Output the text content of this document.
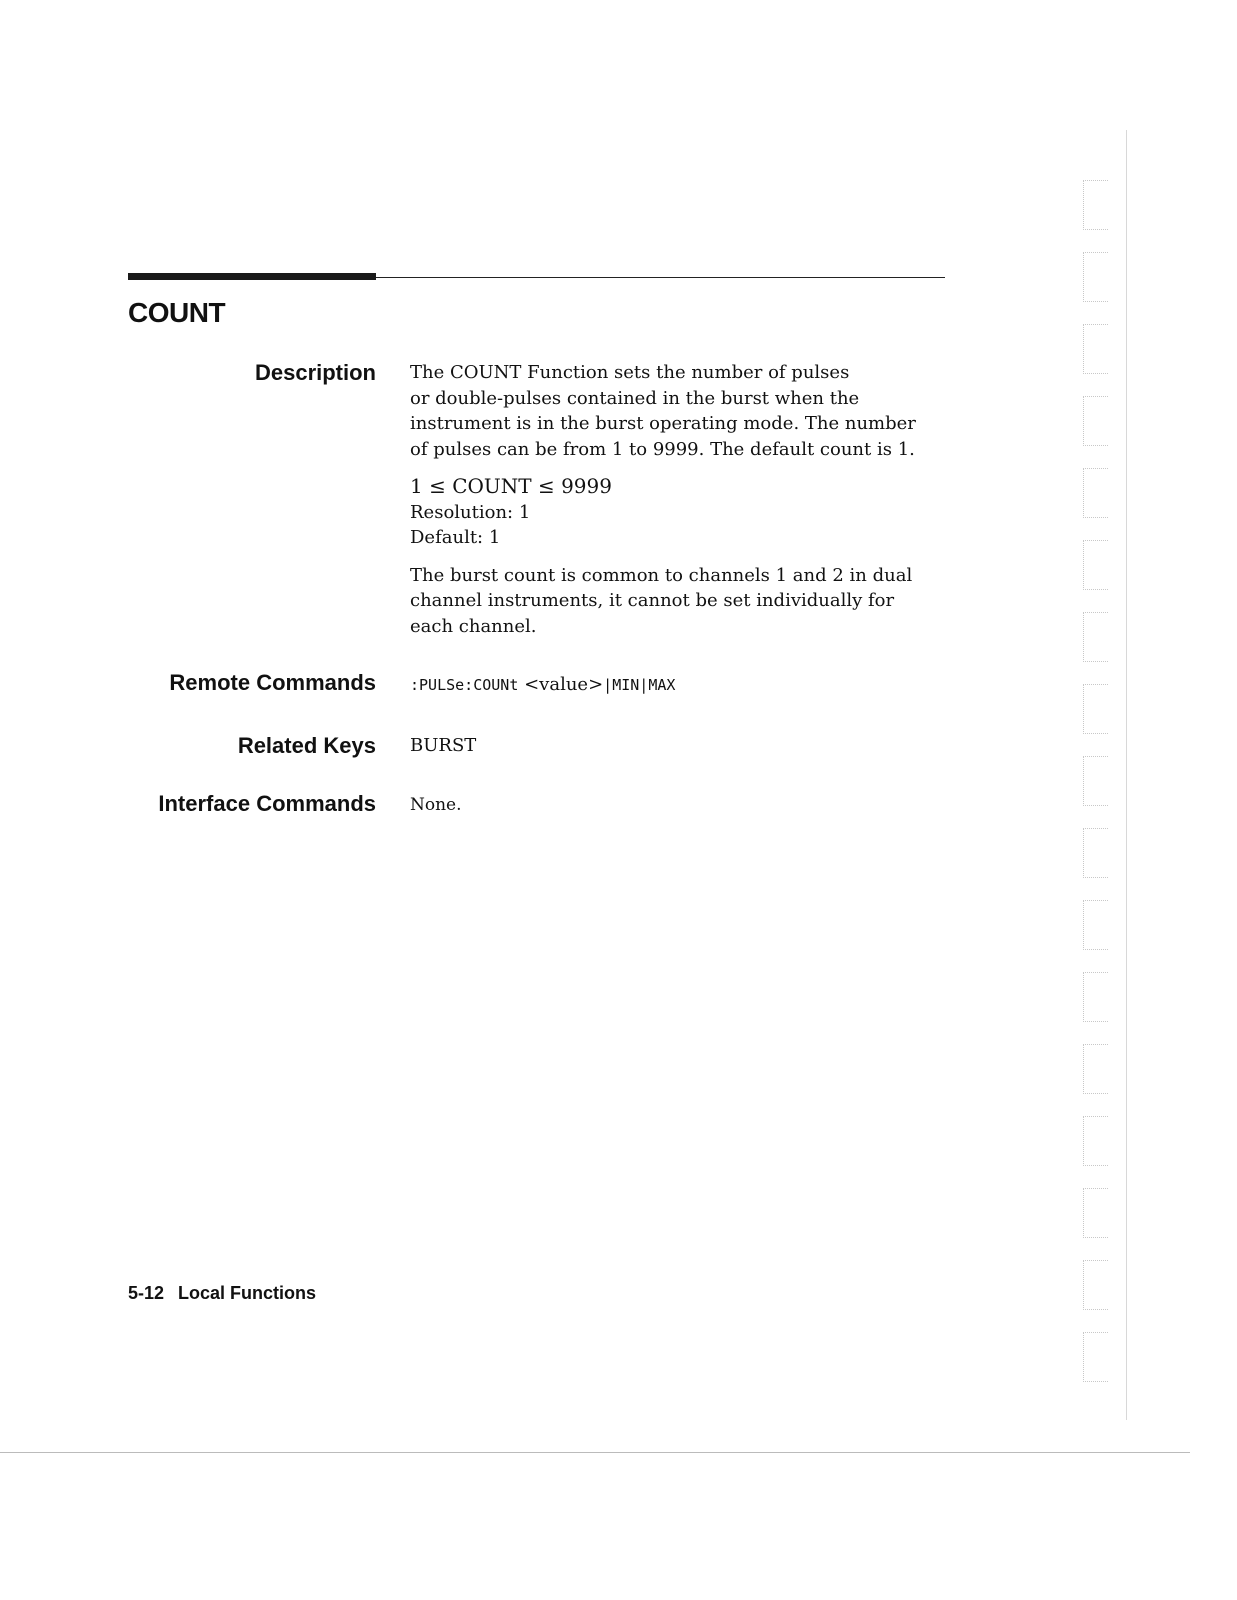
COUNT
Description The COUNT Function sets the number of pulses

or double-pulses contained in the burst when the

instrument is in the burst operating mode. The number

of pulses can be from 1 to 9999. The default count is 1.

1 ≤ COUNT ≤ 9999

Resolution: 1

Default: 1

The burst count is common to channels 1 and 2 in dual

channel instruments, it cannot be set individually for

each channel.

Remote Commands :PULSe:COUNt <value>|MIN|MAX
Related Keys BURST
Interface Commands None.
5-12 Local Functions
